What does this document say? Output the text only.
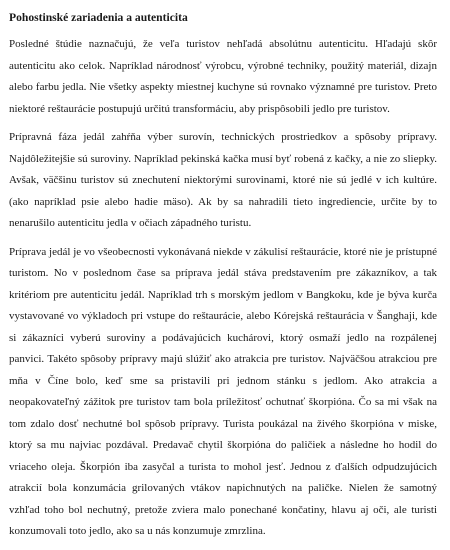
Pohostinské zariadenia a autenticita

Posledné štúdie naznačujú, že veľa turistov nehľadá absolútnu autenticitu. Hľadajú skôr autenticitu ako celok. Napríklad národnosť výrobcu, výrobné techniky, použitý materiál, dizajn alebo farbu jedla. Nie všetky aspekty miestnej kuchyne sú rovnako významné pre turistov. Preto niektoré reštaurácie postupujú určitú transformáciu, aby prispôsobili jedlo pre turistov.

Prípravná fáza jedál zahŕňa výber surovín, technických prostriedkov a spôsoby prípravy. Najdôležitejšie sú suroviny. Napríklad pekinská kačka musí byť robená z kačky, a nie zo sliepky. Avšak, väčšinu turistov sú znechutení niektorými surovinami, ktoré nie sú jedlé v ich kultúre. (ako napríklad psie alebo hadie mäso). Ak by sa nahradili tieto ingrediencie, určite by to nenarušilo autenticitu jedla v očiach západného turistu.

Príprava jedál je vo všeobecnosti vykonávaná niekde v zákulisí reštaurácie, ktoré nie je prístupné turistom. No v poslednom čase sa príprava jedál stáva predstavením pre zákazníkov, a tak kritériom pre autenticitu jedál. Napríklad trh s morským jedlom v Bangkoku, kde je býva kurča vystavované vo výkladoch pri vstupe do reštaurácie, alebo Kórejská reštaurácia v Šanghaji, kde si zákazníci vyberú suroviny a podávajúcich kuchárovi, ktorý osmaží jedlo na rozpálenej panvici. Takéto spôsoby prípravy majú slúžiť ako atrakcia pre turistov. Najväčšou atrakciou pre mňa v Číne bolo, keď sme sa pristavili pri jednom stánku s jedlom. Ako atrakcia a neopakovateľný zážitok pre turistov tam bola príležitosť ochutnať škorpióna. Čo sa mi však na tom zdalo dosť nechutné bol spôsob prípravy. Turista poukázal na živého škorpióna v miske, ktorý sa mu najviac pozdával. Predavač chytil škorpióna do paličiek a následne ho hodil do vriaceho oleja. Škorpión iba zasyčal a turista to mohol jesť. Jednou z ďalších odpudzujúcich atrakcií bola konzumácia grilovaných vtákov napichnutých na paličke. Nielen že samotný vzhľad toho bol nechutný, pretože zviera malo ponechané končatiny, hlavu aj oči, ale turisti konzumovali toto jedlo, ako sa u nás konzumuje zmrzlina.
